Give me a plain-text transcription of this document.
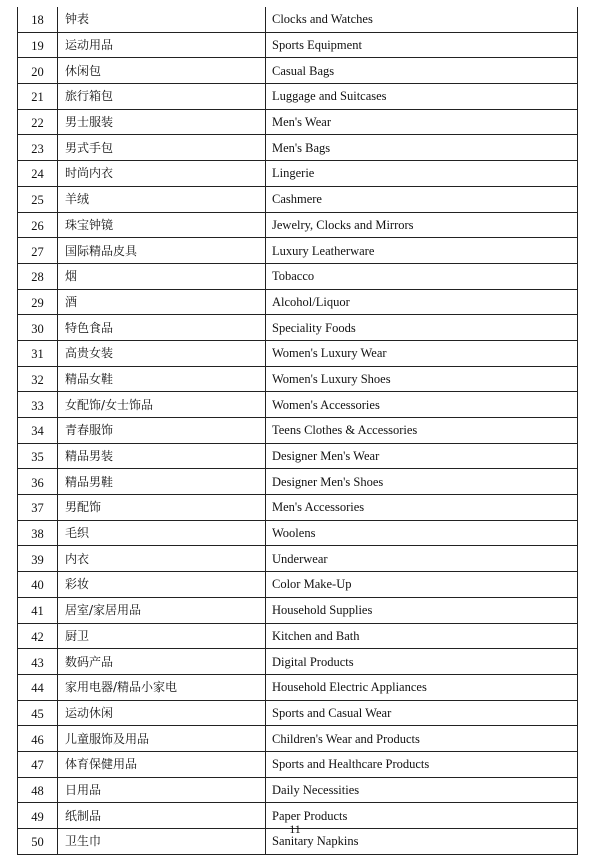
18	钟表	Clocks and Watches
19	运动用品	Sports Equipment
20	休闲包	Casual Bags
21	旅行箱包	Luggage and Suitcases
22	男士服装	Men's Wear
23	男式手包	Men's Bags
24	时尚内衣	Lingerie
25	羊绒	Cashmere
26	珠宝钟镜	Jewelry, Clocks and Mirrors
27	国际精品皮具	Luxury Leatherware
28	烟	Tobacco
29	酒	Alcohol/Liquor
30	特色食品	Speciality Foods
31	高贵女装	Women's Luxury Wear
32	精品女鞋	Women's Luxury Shoes
33	女配饰/女士饰品	Women's Accessories
34	青春服饰	Teens Clothes & Accessories
35	精品男装	Designer Men's Wear
36	精品男鞋	Designer Men's Shoes
37	男配饰	Men's Accessories
38	毛织	Woolens
39	内衣	Underwear
40	彩妆	Color Make-Up
41	居室/家居用品	Household Supplies
42	厨卫	Kitchen and Bath
43	数码产品	Digital Products
44	家用电器/精品小家电	Household Electric Appliances
45	运动休闲	Sports and Casual Wear
46	儿童服饰及用品	Children's Wear and Products
47	体育保健用品	Sports and Healthcare Products
48	日用品	Daily Necessities
49	纸制品	Paper Products
50	卫生巾	Sanitary Napkins
11
